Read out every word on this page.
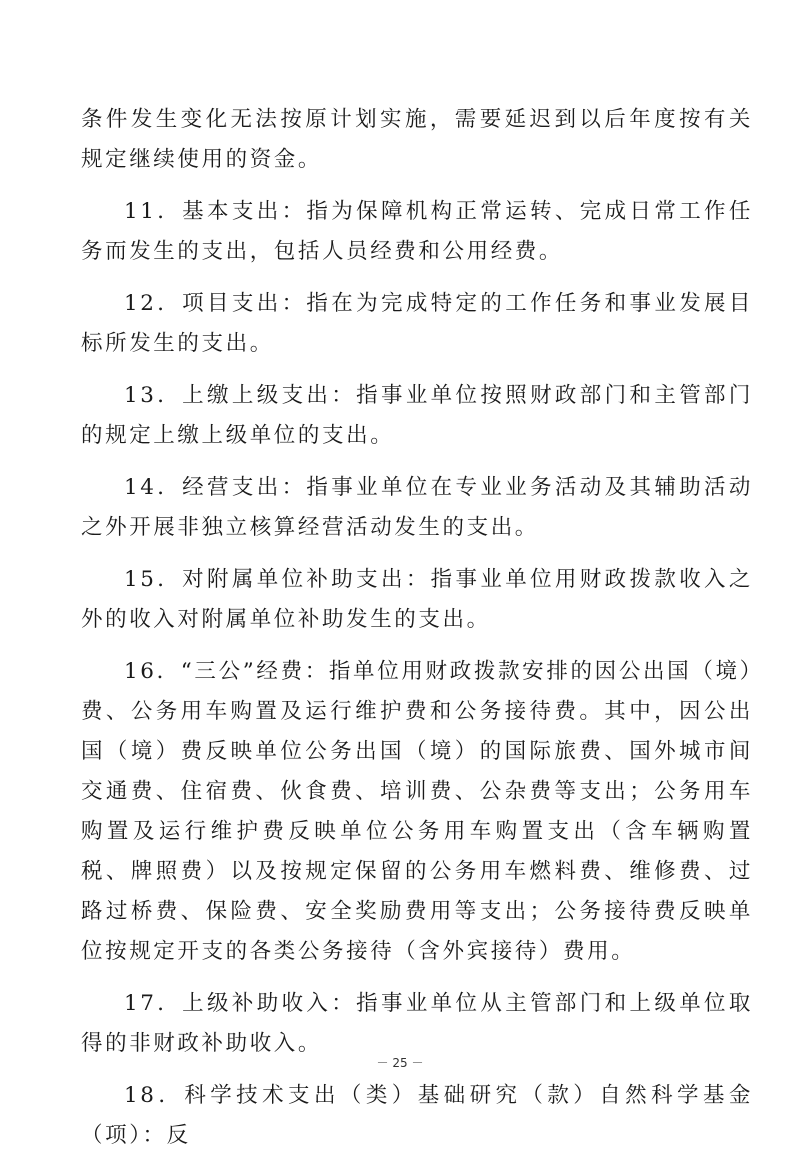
条件发生变化无法按原计划实施，需要延迟到以后年度按有关规定继续使用的资金。

11．基本支出：指为保障机构正常运转、完成日常工作任务而发生的支出，包括人员经费和公用经费。

12．项目支出：指在为完成特定的工作任务和事业发展目标所发生的支出。

13．上缴上级支出：指事业单位按照财政部门和主管部门的规定上缴上级单位的支出。

14．经营支出：指事业单位在专业业务活动及其辅助活动之外开展非独立核算经营活动发生的支出。

15．对附属单位补助支出：指事业单位用财政拨款收入之外的收入对附属单位补助发生的支出。

16．“三公”经费：指单位用财政拨款安排的因公出国（境）费、公务用车购置及运行维护费和公务接待费。其中，因公出国（境）费反映单位公务出国（境）的国际旅费、国外城市间交通费、住宿费、伙食费、培训费、公杂费等支出；公务用车购置及运行维护费反映单位公务用车购置支出（含车辆购置税、牌照费）以及按规定保留的公务用车燃料费、维修费、过路过桥费、保险费、安全奖励费用等支出；公务接待费反映单位按规定开支的各类公务接待（含外宾接待）费用。

17．上级补助收入：指事业单位从主管部门和上级单位取得的非财政补助收入。

18．科学技术支出（类）基础研究（款）自然科学基金（项）：反

－ 25 －
